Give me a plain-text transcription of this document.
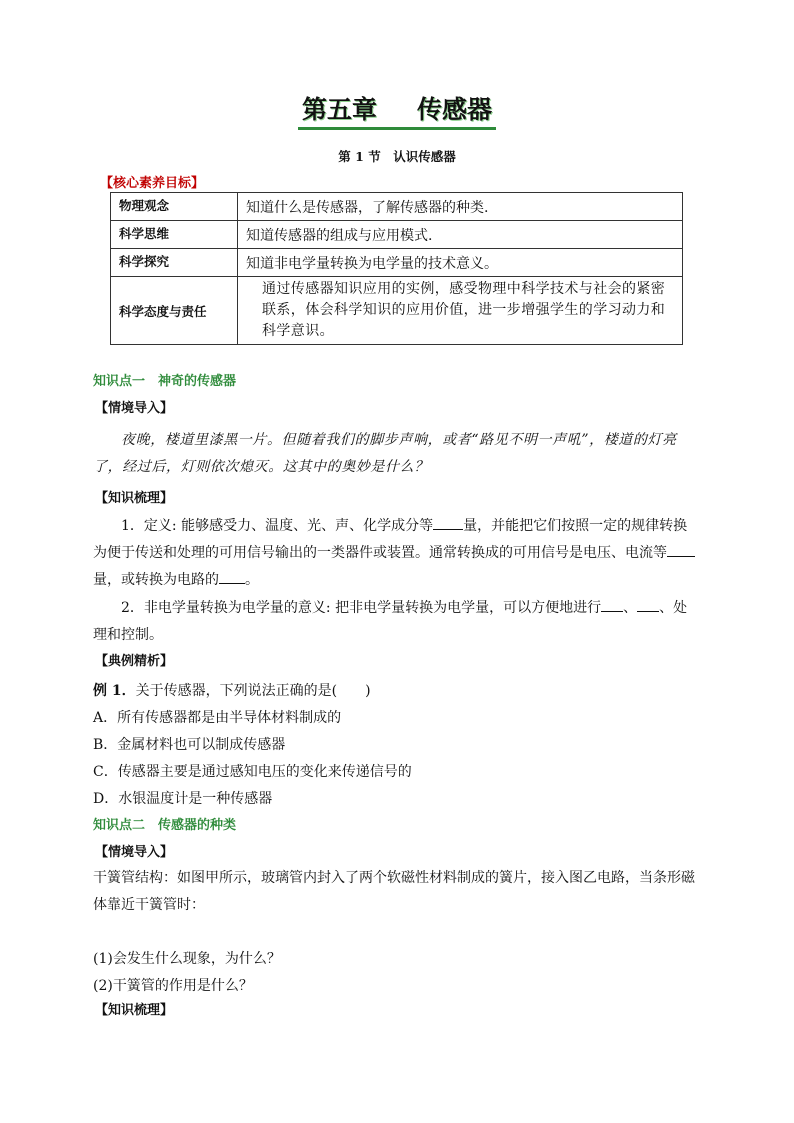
第五章 传感器
第 1 节　认识传感器
【核心素养目标】
物理观念	知道什么是传感器，了解传感器的种类.
科学思维	知道传感器的组成与应用模式.
科学探究	知道非电学量转换为电学量的技术意义。
科学态度与责任	通过传感器知识应用的实例，感受物理中科学技术与社会的紧密联系，体会科学知识的应用价值，进一步增强学生的学习动力和科学意识。
知识点一　神奇的传感器
【情境导入】
夜晚，楼道里漆黑一片。但随着我们的脚步声响，或者“路见不明一声吼”，楼道的灯亮了，经过后，灯则依次熄灭。这其中的奥妙是什么？
【知识梳理】
1．定义: 能够感受力、温度、光、声、化学成分等 量，并能把它们按照一定的规律转换为便于传送和处理的可用信号输出的一类器件或装置。通常转换成的可用信号是电压、电流等量，或转换为电路的 。
2．非电学量转换为电学量的意义: 把非电学量转换为电学量，可以方便地进行 、 、处理和控制。
【典例精析】
例 1．关于传感器，下列说法正确的是(　　)
A．所有传感器都是由半导体材料制成的
B．金属材料也可以制成传感器
C．传感器主要是通过感知电压的变化来传递信号的
D．水银温度计是一种传感器
知识点二　传感器的种类
【情境导入】
干簧管结构：如图甲所示，玻璃管内封入了两个软磁性材料制成的簧片，接入图乙电路，当条形磁体靠近干簧管时：
(1)会发生什么现象，为什么？
(2)干簧管的作用是什么？
【知识梳理】
